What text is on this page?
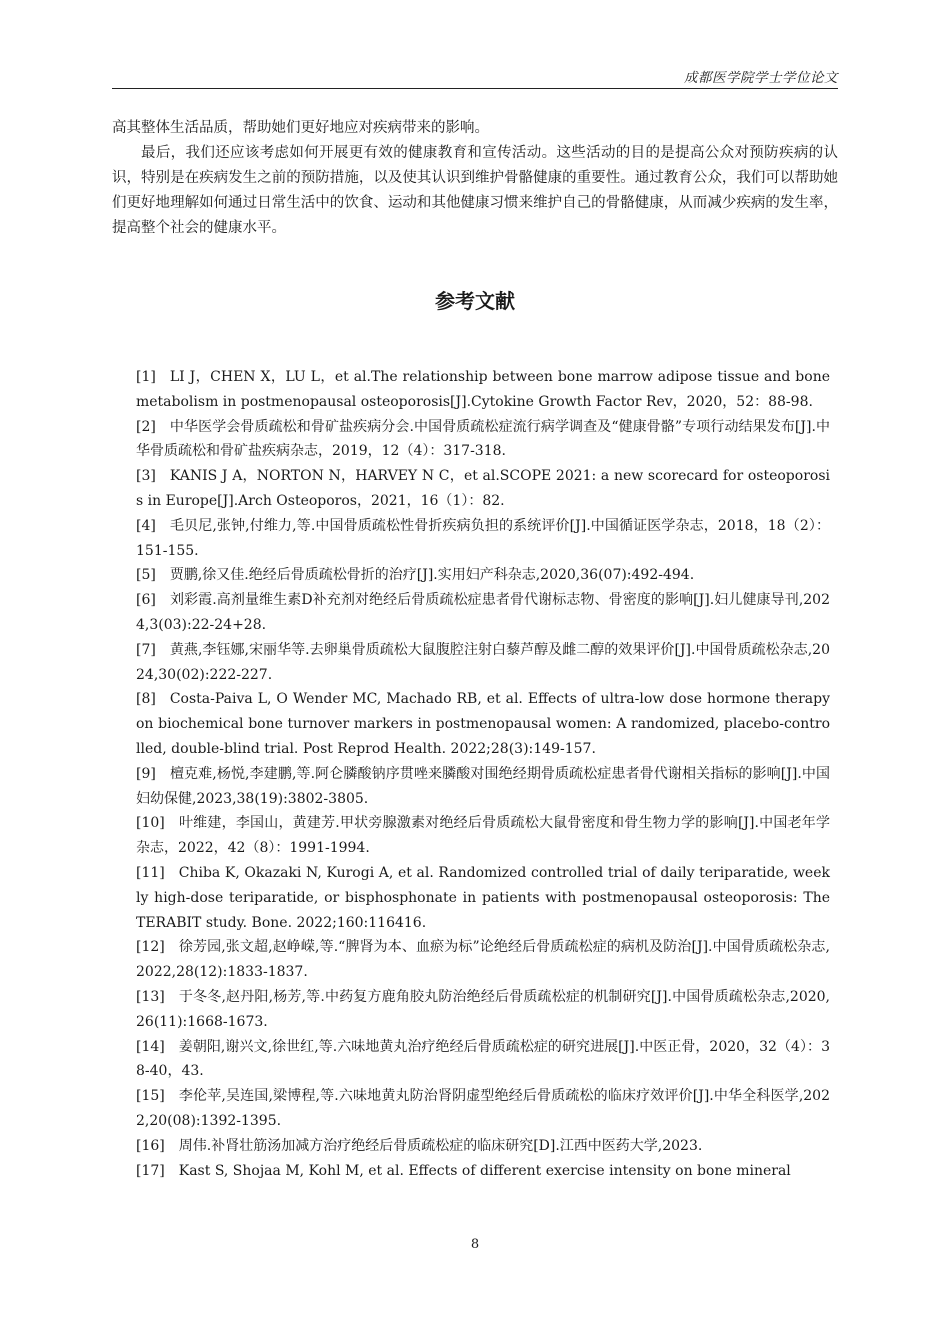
成都医学院学士学位论文

高其整体生活品质，帮助她们更好地应对疾病带来的影响。

最后，我们还应该考虑如何开展更有效的健康教育和宣传活动。这些活动的目的是提高公众对预防疾病的认识，特别是在疾病发生之前的预防措施，以及使其认识到维护骨骼健康的重要性。通过教育公众，我们可以帮助她们更好地理解如何通过日常生活中的饮食、运动和其他健康习惯来维护自己的骨骼健康，从而减少疾病的发生率，提高整个社会的健康水平。

参考文献

[1] LI J，CHEN X，LU L，et al.The relationship between bone marrow adipose tissue and bone metabolism in postmenopausal osteoporosis[J].Cytokine Growth Factor Rev，2020，52：88-98.

[2] 中华医学会骨质疏松和骨矿盐疾病分会.中国骨质疏松症流行病学调查及“健康骨骼”专项行动结果发布[J].中华骨质疏松和骨矿盐疾病杂志，2019，12（4）：317-318.

[3] KANIS J A，NORTON N，HARVEY N C，et al.SCOPE 2021: a new scorecard for osteoporosis in Europe[J].Arch Osteoporos，2021，16（1）：82.

[4] 毛贝尼,张钟,付维力,等.中国骨质疏松性骨折疾病负担的系统评价[J].中国循证医学杂志，2018，18（2）：151-155.

[5] 贾鹏,徐又佳.绝经后骨质疏松骨折的治疗[J].实用妇产科杂志,2020,36(07):492-494.

[6] 刘彩霞.高剂量维生素D补充剂对绝经后骨质疏松症患者骨代谢标志物、骨密度的影响[J].妇儿健康导刊,2024,3(03):22-24+28.

[7] 黄燕,李钰娜,宋丽华等.去卵巢骨质疏松大鼠腹腔注射白藜芦醇及雌二醇的效果评价[J].中国骨质疏松杂志,2024,30(02):222-227.

[8] Costa-Paiva L, O Wender MC, Machado RB, et al. Effects of ultra-low dose hormone therapy on biochemical bone turnover markers in postmenopausal women: A randomized, placebo-controlled, double-blind trial. Post Reprod Health. 2022;28(3):149-157.

[9] 檀克难,杨悦,李建鹏,等.阿仑膦酸钠序贯唑来膦酸对围绝经期骨质疏松症患者骨代谢相关指标的影响[J].中国妇幼保健,2023,38(19):3802-3805.

[10] 叶维建，李国山，黄建芳.甲状旁腺激素对绝经后骨质疏松大鼠骨密度和骨生物力学的影响[J].中国老年学杂志，2022，42（8）：1991-1994.

[11] Chiba K, Okazaki N, Kurogi A, et al. Randomized controlled trial of daily teriparatide, weekly high-dose teriparatide, or bisphosphonate in patients with postmenopausal osteoporosis: The TERABIT study. Bone. 2022;160:116416.

[12] 徐芳园,张文超,赵峥嵘,等.“脾肾为本、血瘀为标”论绝经后骨质疏松症的病机及防治[J].中国骨质疏松杂志,2022,28(12):1833-1837.

[13] 于冬冬,赵丹阳,杨芳,等.中药复方鹿角胶丸防治绝经后骨质疏松症的机制研究[J].中国骨质疏松杂志,2020,26(11):1668-1673.

[14] 姜朝阳,谢兴文,徐世红,等.六味地黄丸治疗绝经后骨质疏松症的研究进展[J].中医正骨，2020，32（4）：38-40，43.

[15] 李伦苹,吴连国,梁博程,等.六味地黄丸防治肾阴虚型绝经后骨质疏松的临床疗效评价[J].中华全科医学,2022,20(08):1392-1395.

[16] 周伟.补肾壮筋汤加减方治疗绝经后骨质疏松症的临床研究[D].江西中医药大学,2023.

[17] Kast S, Shojaa M, Kohl M, et al. Effects of different exercise intensity on bone mineral

8
